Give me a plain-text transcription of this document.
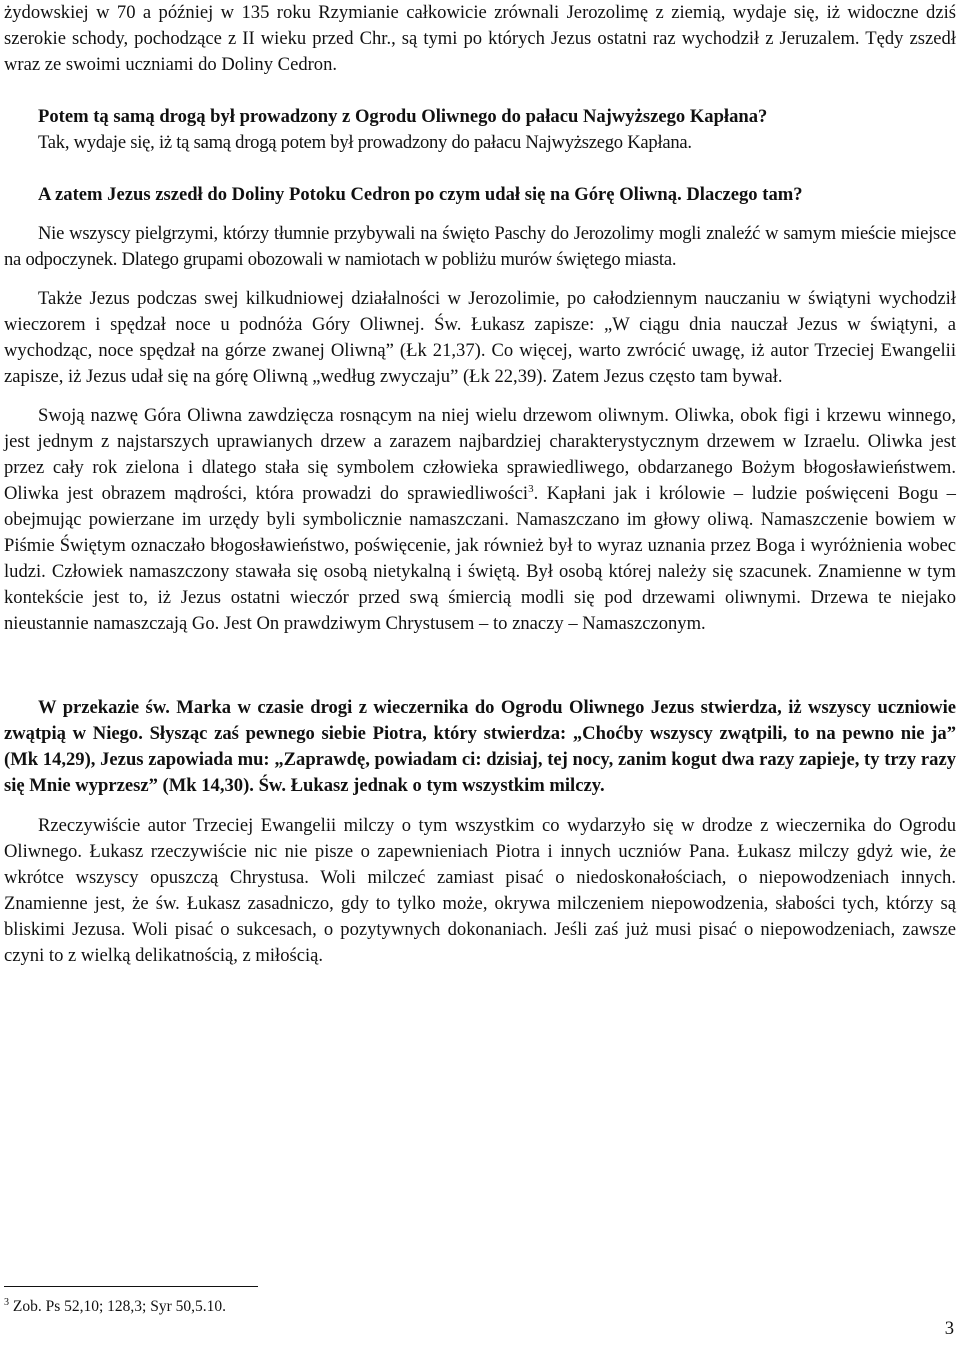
żydowskiej w 70 a później w 135 roku Rzymianie całkowicie zrównali Jerozolimę z ziemią, wydaje się, iż widoczne dziś szerokie schody, pochodzące z II wieku przed Chr., są tymi po których Jezus ostatni raz wychodził z Jeruzalem. Tędy zszedł wraz ze swoimi uczniami do Doliny Cedron.

Potem tą samą drogą był prowadzony z Ogrodu Oliwnego do pałacu Najwyższego Kapłana?

Tak, wydaje się, iż tą samą drogą potem był prowadzony do pałacu Najwyższego Kapłana.

A zatem Jezus zszedł do Doliny Potoku Cedron po czym udał się na Górę Oliwną. Dlaczego tam?

Nie wszyscy pielgrzymi, którzy tłumnie przybywali na święto Paschy do Jerozolimy mogli znaleźć w samym mieście miejsce na odpoczynek. Dlatego grupami obozowali w namiotach w pobliżu murów świętego miasta.

Także Jezus podczas swej kilkudniowej działalności w Jerozolimie, po całodziennym nauczaniu w świątyni wychodził wieczorem i spędzał noce u podnóża Góry Oliwnej. Św. Łukasz zapisze: „W ciągu dnia nauczał Jezus w świątyni, a wychodząc, noce spędzał na górze zwanej Oliwną” (Łk 21,37). Co więcej, warto zwrócić uwagę, iż autor Trzeciej Ewangelii zapisze, iż Jezus udał się na górę Oliwną „według zwyczaju” (Łk 22,39). Zatem Jezus często tam bywał.

Swoją nazwę Góra Oliwna zawdzięcza rosnącym na niej wielu drzewom oliwnym. Oliwka, obok figi i krzewu winnego, jest jednym z najstarszych uprawianych drzew a zarazem najbardziej charakterystycznym drzewem w Izraelu. Oliwka jest przez cały rok zielona i dlatego stała się symbolem człowieka sprawiedliwego, obdarzanego Bożym błogosławieństwem. Oliwka jest obrazem mądrości, która prowadzi do sprawiedliwości$^3$. Kapłani jak i królowie – ludzie poświęceni Bogu – obejmując powierzane im urzędy byli symbolicznie namaszczani. Namaszczano im głowy oliwą. Namaszczenie bowiem w Piśmie Świętym oznaczało błogosławieństwo, poświęcenie, jak również był to wyraz uznania przez Boga i wyróżnienia wobec ludzi. Człowiek namaszczony stawała się osobą nietykalną i świętą. Był osobą której należy się szacunek. Znamienne w tym kontekście jest to, iż Jezus ostatni wieczór przed swą śmiercią modli się pod drzewami oliwnymi. Drzewa te niejako nieustannie namaszczają Go. Jest On prawdziwym Chrystusem – to znaczy – Namaszczonym.

W przekazie św. Marka w czasie drogi z wieczernika do Ogrodu Oliwnego Jezus stwierdza, iż wszyscy uczniowie zwątpią w Niego. Słysząc zaś pewnego siebie Piotra, który stwierdza: „Choćby wszyscy zwątpili, to na pewno nie ja” (Mk 14,29), Jezus zapowiada mu: „Zaprawdę, powiadam ci: dzisiaj, tej nocy, zanim kogut dwa razy zapieje, ty trzy razy się Mnie wyprzesz” (Mk 14,30). Św. Łukasz jednak o tym wszystkim milczy.

Rzeczywiście autor Trzeciej Ewangelii milczy o tym wszystkim co wydarzyło się w drodze z wieczernika do Ogrodu Oliwnego. Łukasz rzeczywiście nic nie pisze o zapewnieniach Piotra i innych uczniów Pana. Łukasz milczy gdyż wie, że wkrótce wszyscy opuszczą Chrystusa. Woli milczeć zamiast pisać o niedoskonałościach, o niepowodzeniach innych. Znamienne jest, że św. Łukasz zasadniczo, gdy to tylko może, okrywa milczeniem niepowodzenia, słabości tych, którzy są bliskimi Jezusa. Woli pisać o sukcesach, o pozytywnych dokonaniach. Jeśli zaś już musi pisać o niepowodzeniach, zawsze czyni to z wielką delikatnością, z miłością.

$^3$ Zob. Ps 52,10; 128,3; Syr 50,5.10.
3
